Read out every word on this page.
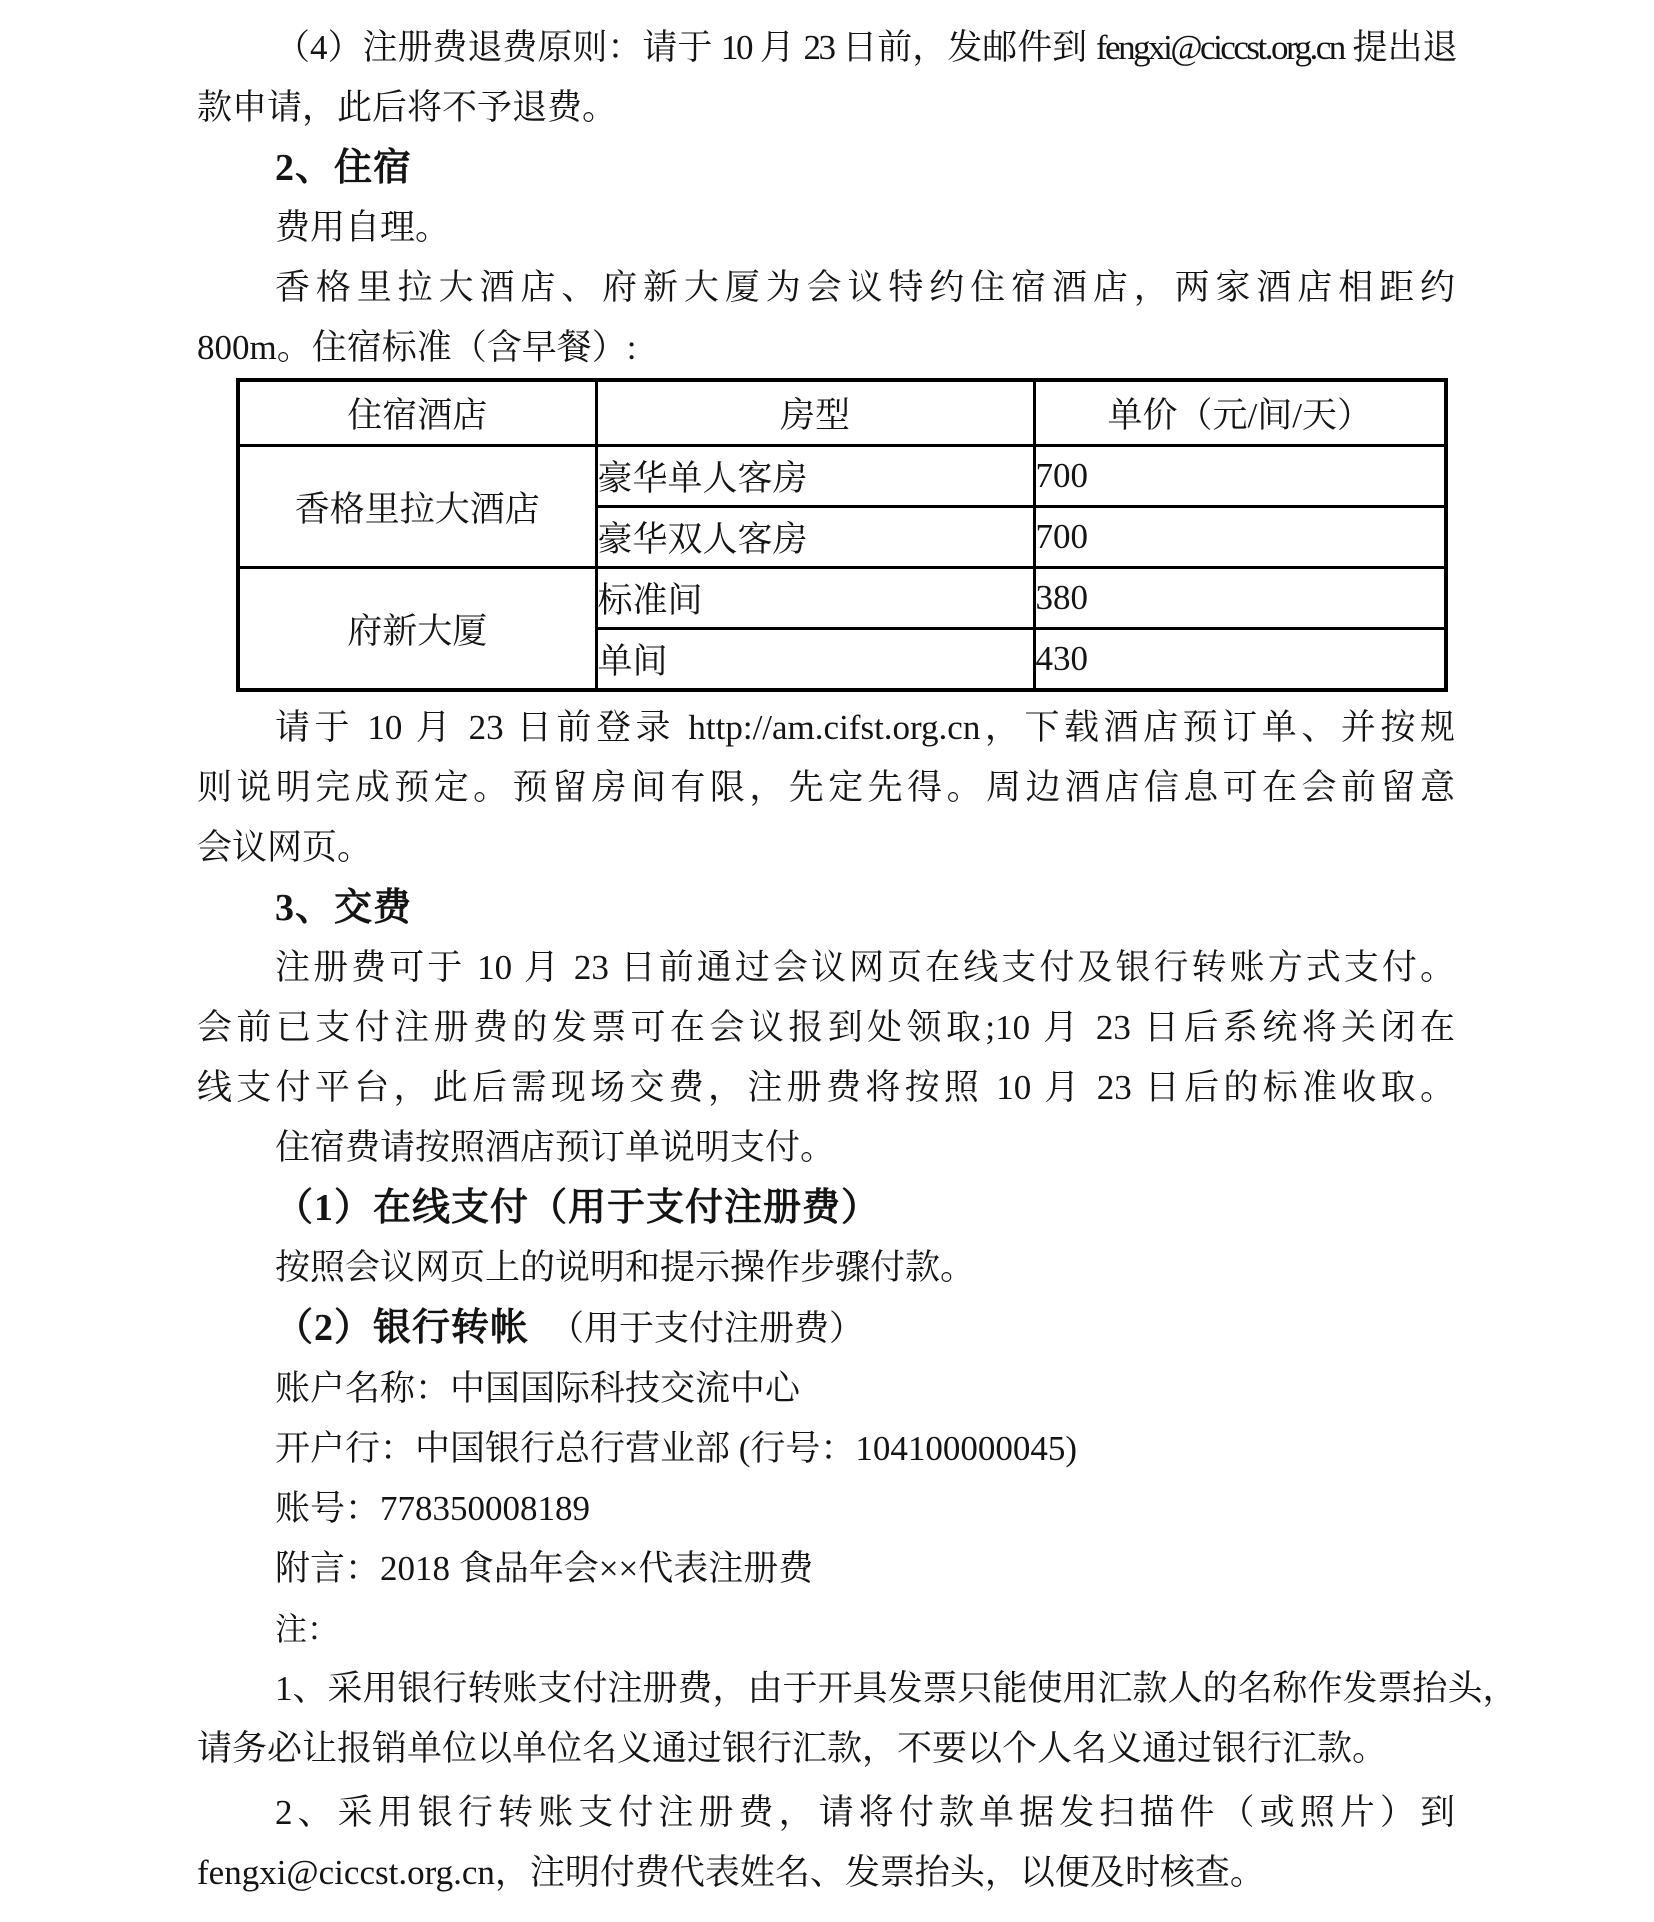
（4）注册费退费原则：请于 10 月 23 日前，发邮件到 fengxi@ciccst.org.cn 提出退
款申请，此后将不予退费。
2、住宿
费用自理。
香格里拉大酒店、府新大厦为会议特约住宿酒店，两家酒店相距约
800m。住宿标准（含早餐）:
住宿酒店	房型	单价（元/间/天）
香格里拉大酒店	豪华单人客房	700
	豪华双人客房	700
府新大厦	标准间	380
	单间	430
请于 10 月 23 日前登录 http://am.cifst.org.cn，下载酒店预订单、并按规
则说明完成预定。预留房间有限，先定先得。周边酒店信息可在会前留意
会议网页。
3、交费
注册费可于 10 月 23 日前通过会议网页在线支付及银行转账方式支付。
会前已支付注册费的发票可在会议报到处领取;10 月 23 日后系统将关闭在
线支付平台，此后需现场交费，注册费将按照 10 月 23 日后的标准收取。
住宿费请按照酒店预订单说明支付。
（1）在线支付（用于支付注册费）
按照会议网页上的说明和提示操作步骤付款。
（2）银行转帐 （用于支付注册费）
账户名称：中国国际科技交流中心
开户行：中国银行总行营业部 (行号：104100000045)
账号：778350008189
附言：2018 食品年会××代表注册费
注：
1、采用银行转账支付注册费，由于开具发票只能使用汇款人的名称作发票抬头，
请务必让报销单位以单位名义通过银行汇款，不要以个人名义通过银行汇款。
2、采用银行转账支付注册费，请将付款单据发扫描件（或照片）到
fengxi@ciccst.org.cn，注明付费代表姓名、发票抬头，以便及时核查。
